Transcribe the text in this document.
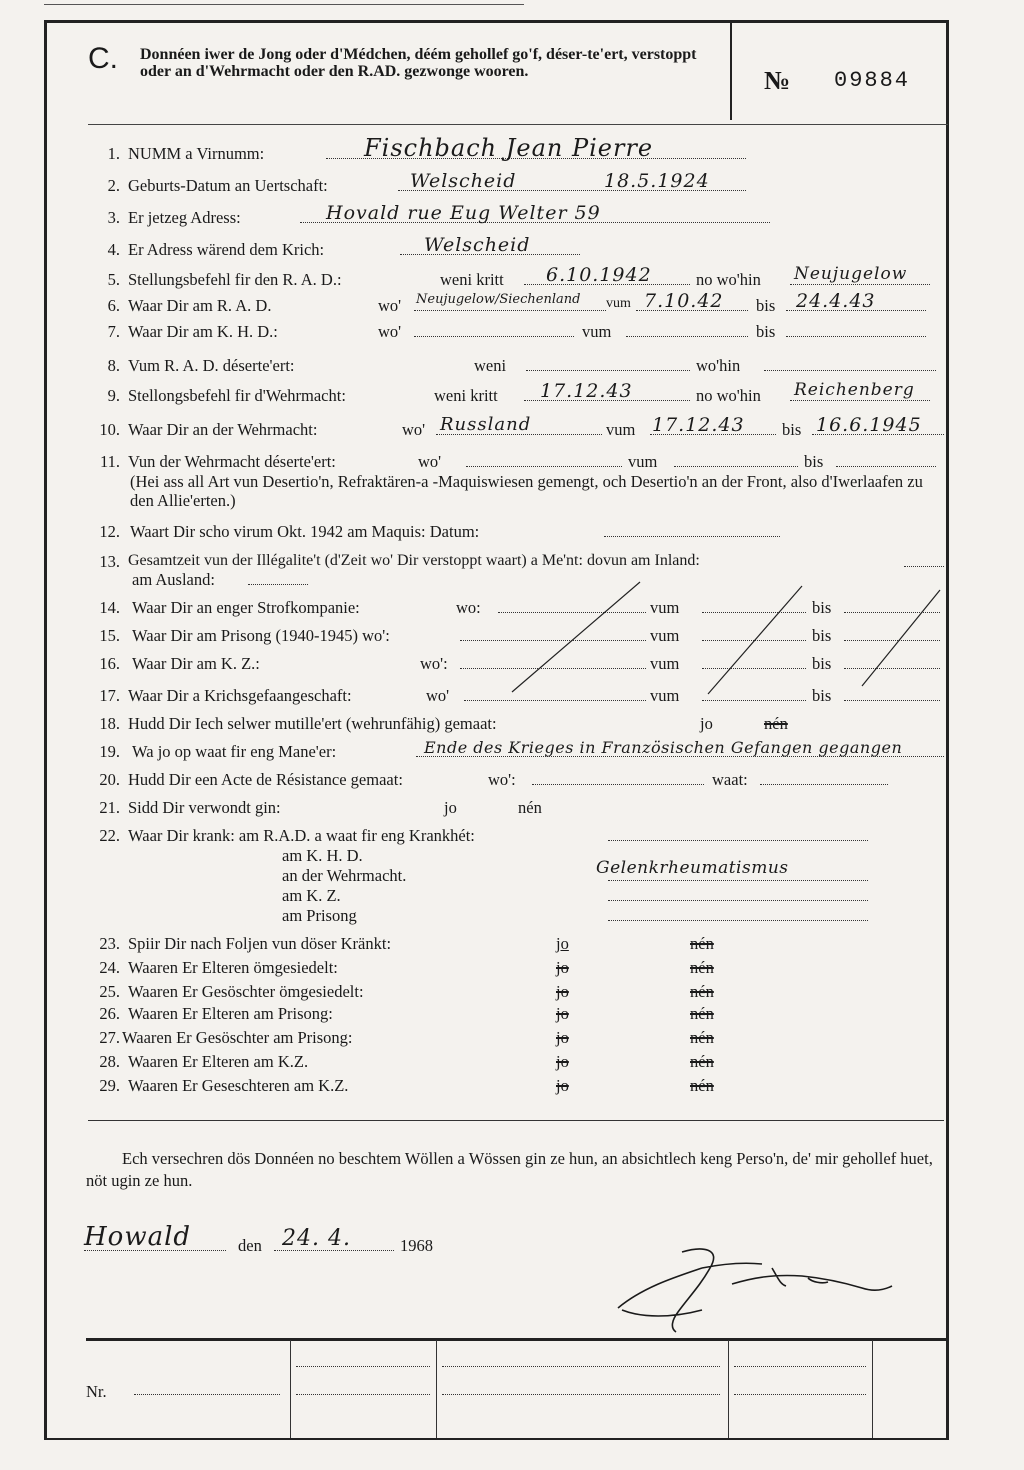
C. Donnéen iwer de Jong oder d'Médchen, déém gehollef go'f, déser-te'ert, verstoppt oder an d'Wehrmacht oder den R.AD. gezwonge wooren.	№ 09884
1. NUMM a Virnumm:	Fischbach Jean Pierre
2. Geburts-Datum an Uertschaft:	Welscheid	18.5.1924
3. Er jetzeg Adress:	Hovald rue Eug Welter 59
4. Er Adress wärend dem Krich:	Welscheid
5. Stellungsbefehl fir den R. A. D.:	weni kritt 6.10.1942	no wo'hin Neujugelow
6. Waar Dir am R. A. D.	wo' Neujugelow/Siechenland vum 7.10.42 bis 24.4.43
7. Waar Dir am K. H. D.:	wo'	vum	bis
8. Vum R. A. D. déserte'ert:	weni	wo'hin
9. Stellongsbefehl fir d'Wehrmacht:	weni kritt 17.12.43	no wo'hin Reichenberg
10. Waar Dir an der Wehrmacht:	wo' Russland	vum 17.12.43 bis 16.6.1945
11. Vun der Wehrmacht déserte'ert:	wo'	vum	bis
(Hei ass all Art vun Desertio'n, Refraktären-a -Maquiswiesen gemengt, och Desertio'n an der Front, also d'Iwerlaafen zu den Allie'erten.)
12. Waart Dir scho virum Okt. 1942 am Maquis: Datum:
13. Gesamtzeit vun der Illégalite't (d'Zeit wo' Dir verstoppt waart) a Me'nt: dovun am Inland:
am Ausland:
14. Waar Dir an enger Strofkompanie:	wo:	vum	bis
15. Waar Dir am Prisong (1940-1945) wo':	vum	bis
16. Waar Dir am K. Z.:	wo':	vum	bis
17. Waar Dir a Krichsgefaangeschaft:	wo'	vum	bis
18. Hudd Dir Iech selwer mutille'ert (wehrunfähig) gemaat:	jo	nén
19. Wa jo op waat fir eng Mane'er:	Ende des Krieges in Französischen Gefangen gegangen
20. Hudd Dir een Acte de Résistance gemaat:	wo':	waat:
21. Sidd Dir verwondt gin:	jo	nén
22. Waar Dir krank: am R.A.D. a waat fir eng Krankhét:
am K. H. D.
an der Wehrmacht.	Gelenkrheumatismus
am K. Z.
am Prisong
23. Spiir Dir nach Foljen vun döser Kränkt:	jo	nén
24. Waaren Er Elteren ömgesiedelt:	jo	nén
25. Waaren Er Gesöschter ömgesiedelt:	jo	nén
26. Waaren Er Elteren am Prisong:	jo	nén
27. Waaren Er Gesöschter am Prisong:	jo	nén
28. Waaren Er Elteren am K.Z.	jo	nén
29. Waaren Er Geseschteren am K.Z.	jo	nén
Ech versechren dös Donnéen no beschtem Wöllen a Wössen gin ze hun, an absichtlech keng Perso'n, de' mir gehollef huet, nöt ugin ze hun.
Howald	den 24. 4.	1968
Nr.
